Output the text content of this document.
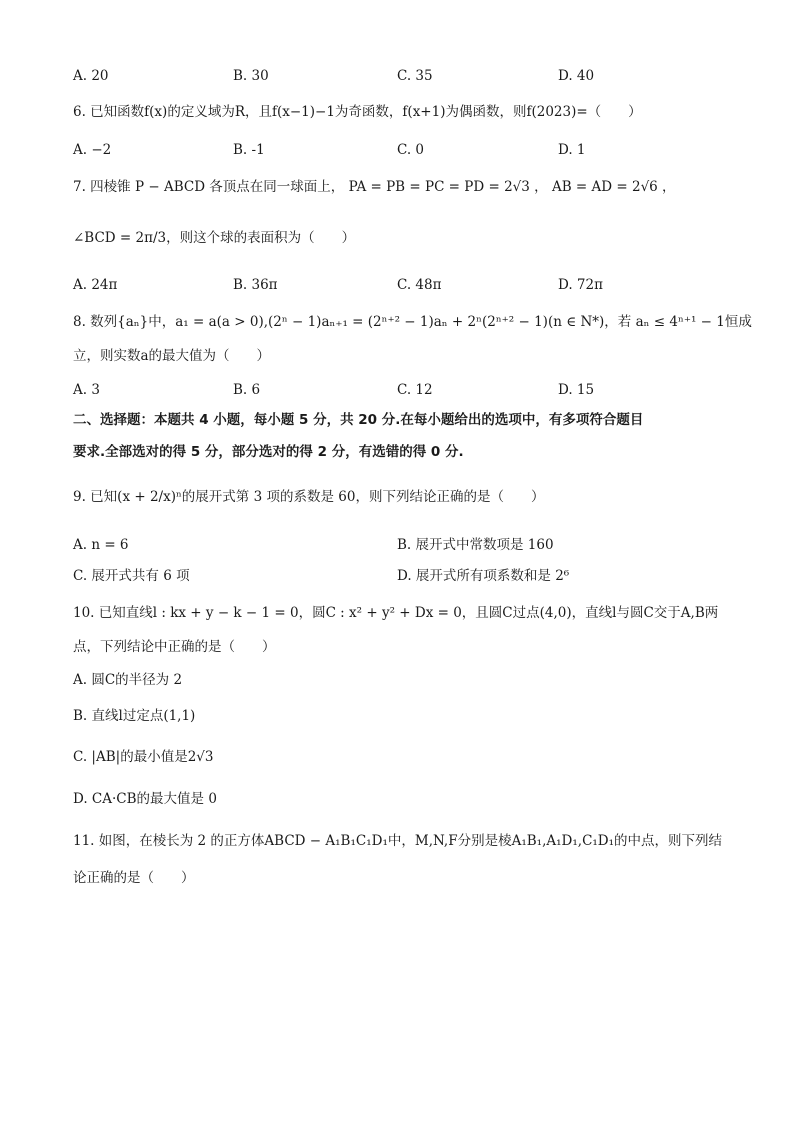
A. 20	B. 30	C. 35	D. 40
6. 已知函数f(x)的定义域为R，且f(x−1)−1为奇函数，f(x+1)为偶函数，则f(2023)=（　　）
A. −2	B. -1	C. 0	D. 1
7. 四棱锥 P − ABCD 各顶点在同一球面上， PA = PB = PC = PD = 2√3 ， AB = AD = 2√6 ，
∠BCD = 2π/3，则这个球的表面积为（　　）
A. 24π	B. 36π	C. 48π	D. 72π
8. 数列{aₙ}中，a₁ = a(a > 0),(2ⁿ − 1)aₙ₊₁ = (2ⁿ⁺² − 1)aₙ + 2ⁿ(2ⁿ⁺² − 1)(n ∈ N*)，若 aₙ ≤ 4ⁿ⁺¹ − 1恒成
立，则实数a的最大值为（　　）
A. 3	B. 6	C. 12	D. 15
二、选择题：本题共 4 小题，每小题 5 分，共 20 分.在每小题给出的选项中，有多项符合题目
要求.全部选对的得 5 分，部分选对的得 2 分，有选错的得 0 分.
9. 已知(x + 2/x)ⁿ的展开式第 3 项的系数是 60，则下列结论正确的是（　　）
A. n = 6	B. 展开式中常数项是 160
C. 展开式共有 6 项	D. 展开式所有项系数和是 2⁶
10. 已知直线l : kx + y − k − 1 = 0，圆C : x² + y² + Dx = 0，且圆C过点(4,0)，直线l与圆C交于A,B两
点，下列结论中正确的是（　　）
A. 圆C的半径为 2
B. 直线l过定点(1,1)
C. |AB|的最小值是2√3
D. CA·CB的最大值是 0
11. 如图，在棱长为 2 的正方体ABCD − A₁B₁C₁D₁中，M,N,F分别是棱A₁B₁,A₁D₁,C₁D₁的中点，则下列结
论正确的是（　　）
